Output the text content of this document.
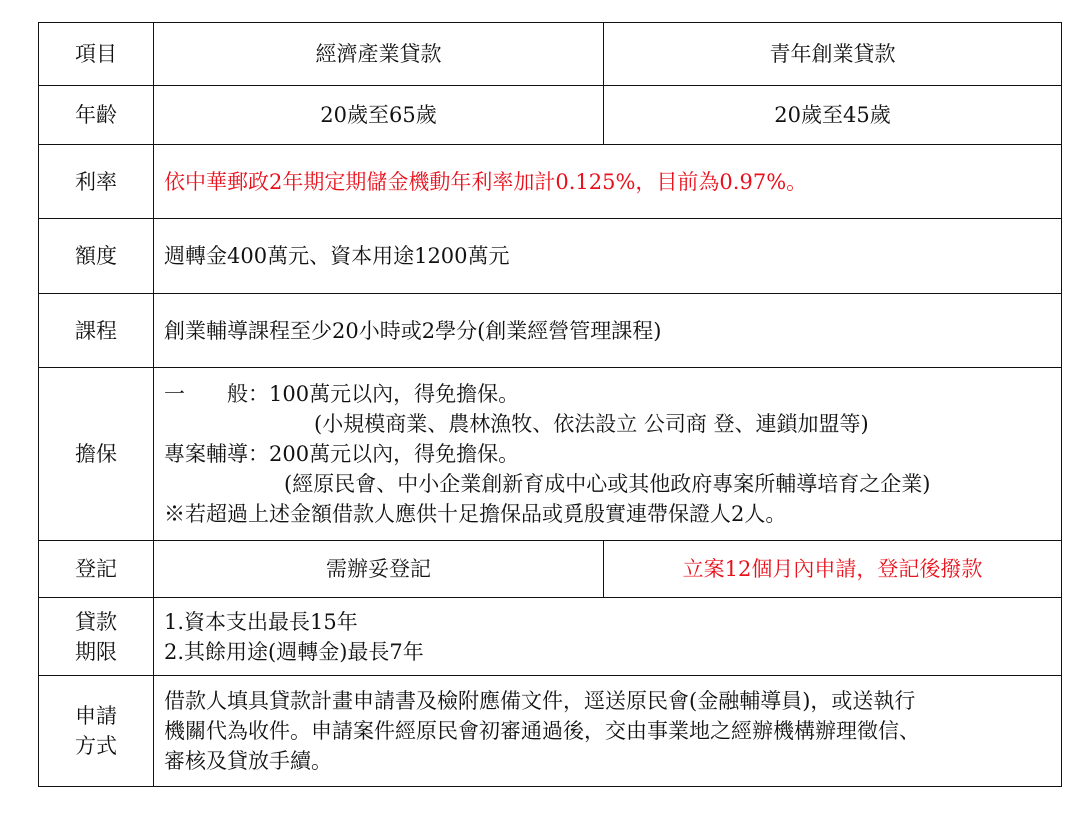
項目	經濟產業貸款	青年創業貸款
年齡	20歲至65歲	20歲至45歲
利率	依中華郵政2年期定期儲金機動年利率加計0.125%，目前為0.97%。	
額度	週轉金400萬元、資本用途1200萬元	
課程	創業輔導課程至少20小時或2學分(創業經營管理課程)	
擔保	一　　般：100萬元以內，得免擔保。
(小規模商業、農林漁牧、依法設立 公司商 登、連鎖加盟等)
專案輔導：200萬元以內，得免擔保。
(經原民會、中小企業創新育成中心或其他政府專案所輔導培育之企業)
※若超過上述金額借款人應供十足擔保品或覓殷實連帶保證人2人。	

登記	需辦妥登記	立案12個月內申請，登記後撥款

貸款
期限	1.資本支出最長15年
2.其餘用途(週轉金)最長7年	

申請
方式	借款人填具貸款計畫申請書及檢附應備文件，逕送原民會(金融輔導員)，或送執行
機關代為收件。申請案件經原民會初審通過後，交由事業地之經辦機構辦理徵信、
審核及貸放手續。	
